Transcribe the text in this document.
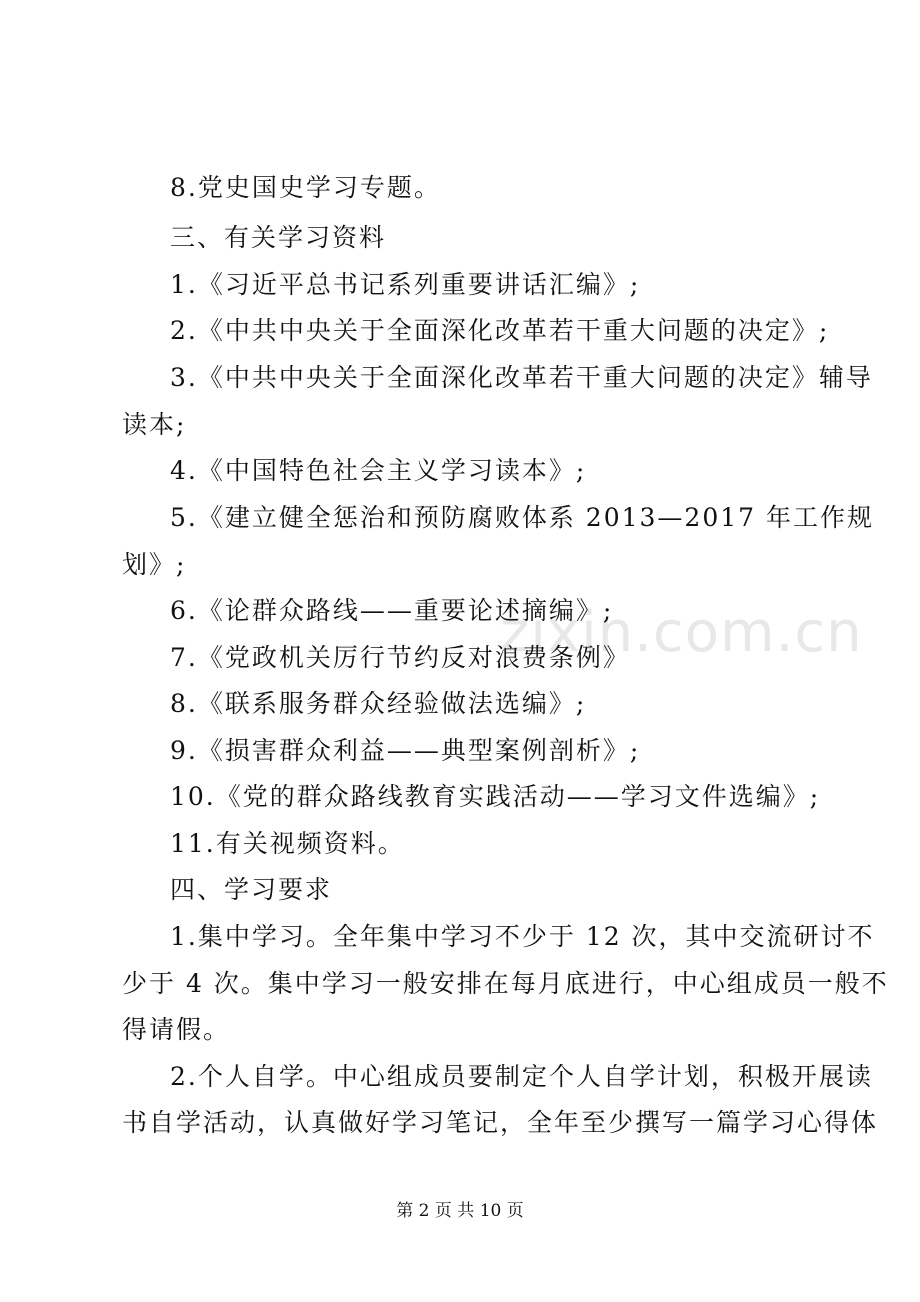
zixin.com.cn
8.党史国史学习专题。
三、有关学习资料
1.《习近平总书记系列重要讲话汇编》;
2.《中共中央关于全面深化改革若干重大问题的决定》;
3.《中共中央关于全面深化改革若干重大问题的决定》辅导
读本;
4.《中国特色社会主义学习读本》;
5.《建立健全惩治和预防腐败体系 2013—2017 年工作规
划》;
6.《论群众路线——重要论述摘编》;
7.《党政机关厉行节约反对浪费条例》
8.《联系服务群众经验做法选编》;
9.《损害群众利益——典型案例剖析》;
10.《党的群众路线教育实践活动——学习文件选编》;
11.有关视频资料。
四、学习要求
1.集中学习。全年集中学习不少于 12 次，其中交流研讨不
少于 4 次。集中学习一般安排在每月底进行，中心组成员一般不
得请假。
2.个人自学。中心组成员要制定个人自学计划，积极开展读
书自学活动，认真做好学习笔记，全年至少撰写一篇学习心得体
第 2 页 共 10 页
